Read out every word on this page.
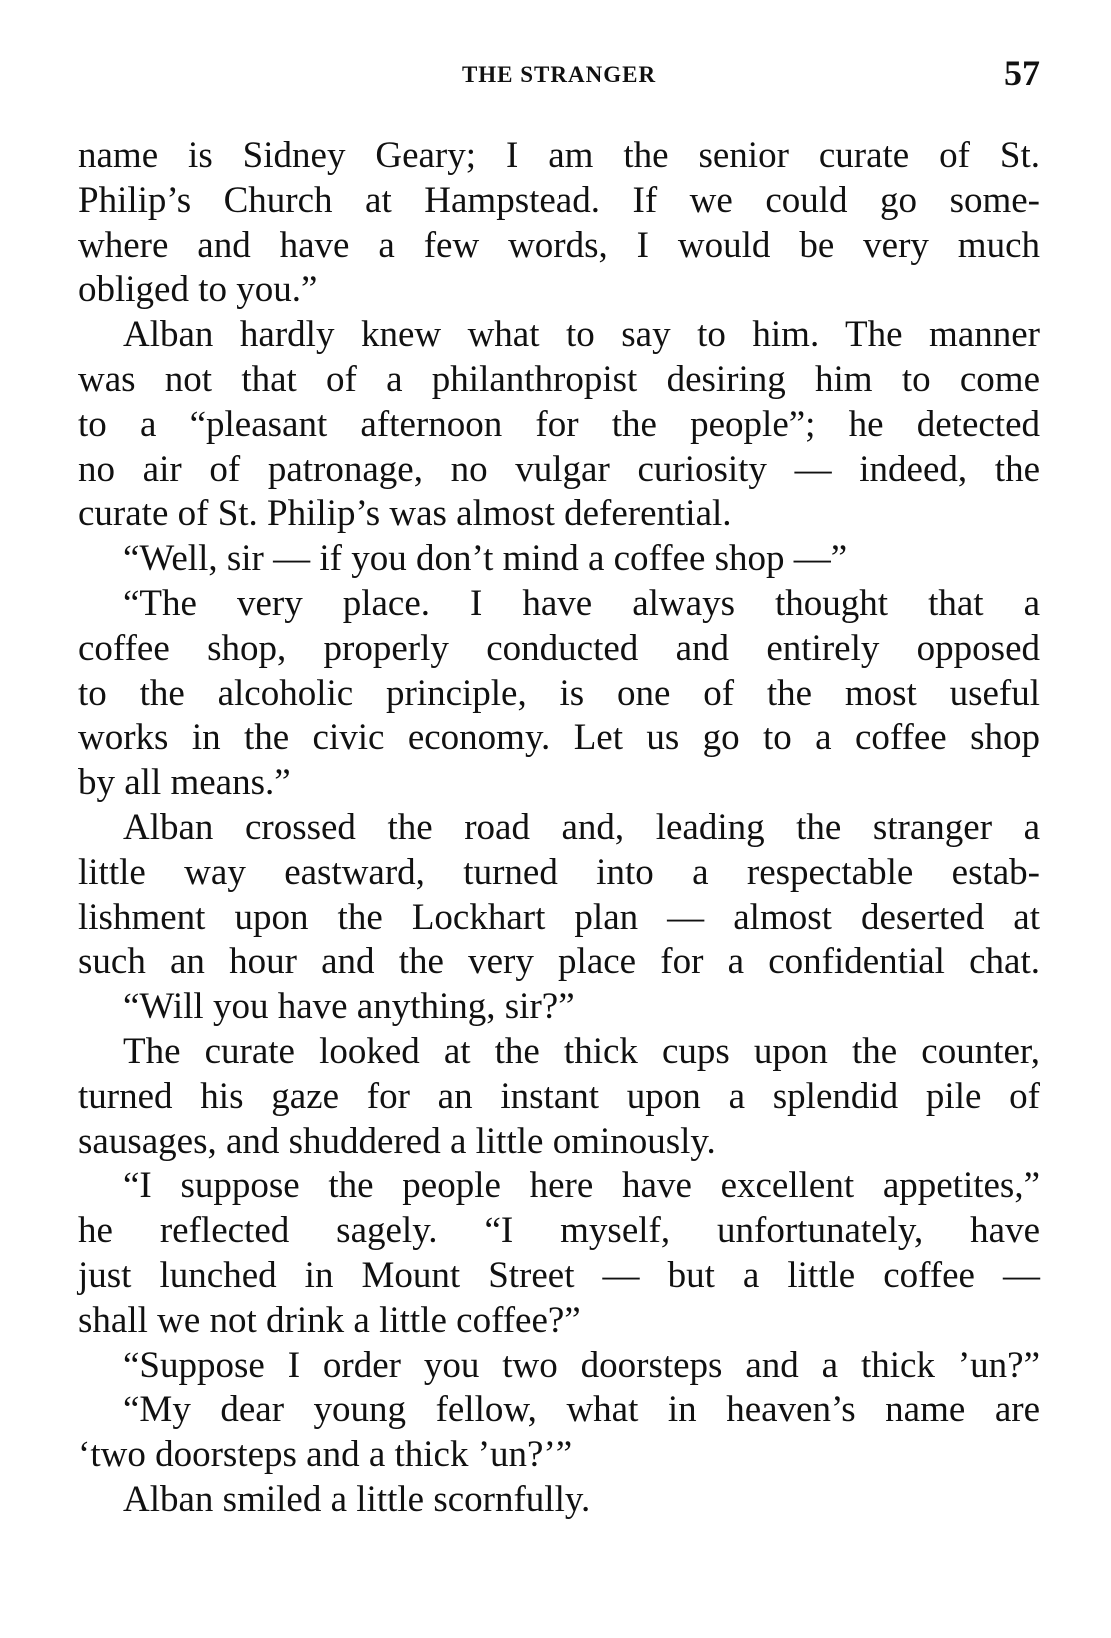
THE STRANGER	57
name is Sidney Geary; I am the senior curate of St.
Philip’s Church at Hampstead. If we could go some-
where and have a few words, I would be very much
obliged to you.”
Alban hardly knew what to say to him. The manner
was not that of a philanthropist desiring him to come
to a “pleasant afternoon for the people”; he detected
no air of patronage, no vulgar curiosity — indeed, the
curate of St. Philip’s was almost deferential.
“Well, sir — if you don’t mind a coffee shop —”
“The very place. I have always thought that a
coffee shop, properly conducted and entirely opposed
to the alcoholic principle, is one of the most useful
works in the civic economy. Let us go to a coffee shop
by all means.”
Alban crossed the road and, leading the stranger a
little way eastward, turned into a respectable estab-
lishment upon the Lockhart plan — almost deserted at
such an hour and the very place for a confidential chat.
“Will you have anything, sir?”
The curate looked at the thick cups upon the counter,
turned his gaze for an instant upon a splendid pile of
sausages, and shuddered a little ominously.
“I suppose the people here have excellent appetites,”
he reflected sagely. “I myself, unfortunately, have
just lunched in Mount Street — but a little coffee —
shall we not drink a little coffee?”
“Suppose I order you two doorsteps and a thick ’un?”
“My dear young fellow, what in heaven’s name are
‘two doorsteps and a thick ’un?’”
Alban smiled a little scornfully.
